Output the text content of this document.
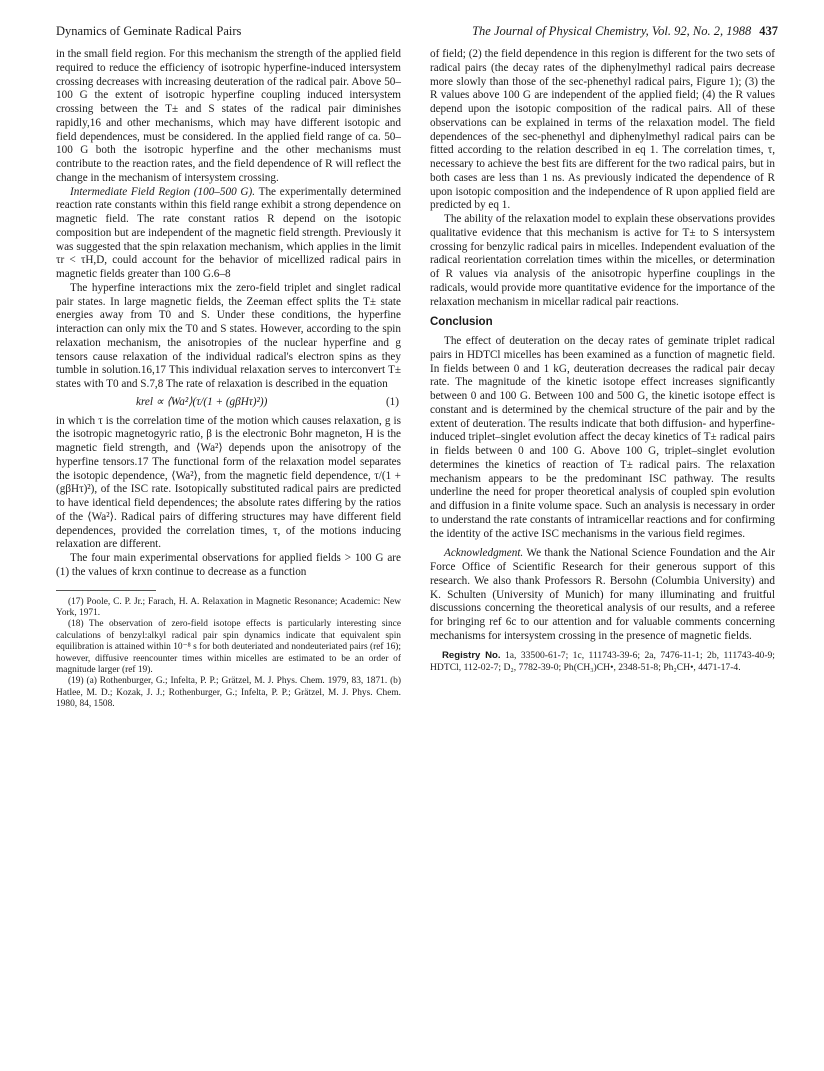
Dynamics of Geminate Radical Pairs	The Journal of Physical Chemistry, Vol. 92, No. 2, 1988 437

in the small field region. For this mechanism the strength of the applied field required to reduce the efficiency of isotropic hyperfine-induced intersystem crossing decreases with increasing deuteration of the radical pair. Above 50–100 G the extent of isotropic hyperfine coupling induced intersystem crossing between the T± and S states of the radical pair diminishes rapidly,16 and other mechanisms, which may have different isotopic and field dependences, must be considered. In the applied field range of ca. 50–100 G both the isotropic hyperfine and the other mechanisms must contribute to the reaction rates, and the field dependence of R will reflect the change in the mechanism of intersystem crossing.

Intermediate Field Region (100–500 G). The experimentally determined reaction rate constants within this field range exhibit a strong dependence on magnetic field. The rate constant ratios R depend on the isotopic composition but are independent of the magnetic field strength. Previously it was suggested that the spin relaxation mechanism, which applies in the limit τr < τH,D, could account for the behavior of micellized radical pairs in magnetic fields greater than 100 G.6–8

The hyperfine interactions mix the zero-field triplet and singlet radical pair states. In large magnetic fields, the Zeeman effect splits the T± state energies away from T0 and S. Under these conditions, the hyperfine interaction can only mix the T0 and S states. However, according to the spin relaxation mechanism, the anisotropies of the nuclear hyperfine and g tensors cause relaxation of the individual radical's electron spins as they tumble in solution.16,17 This individual relaxation serves to interconvert T± states with T0 and S.7,8 The rate of relaxation is described in the equation

krel ∝ ⟨Wa²⟩(τ/(1 + (gβHτ)²))	(1)

in which τ is the correlation time of the motion which causes relaxation, g is the isotropic magnetogyric ratio, β is the electronic Bohr magneton, H is the magnetic field strength, and ⟨Wa²⟩ depends upon the anisotropy of the hyperfine tensors.17 The functional form of the relaxation model separates the isotopic dependence, ⟨Wa²⟩, from the magnetic field dependence, τ/(1 + (gβHτ)²), of the ISC rate. Isotopically substituted radical pairs are predicted to have identical field dependences; the absolute rates differing by the ratios of the ⟨Wa²⟩. Radical pairs of differing structures may have different field dependences, provided the correlation times, τ, of the motions inducing relaxation are different.

The four main experimental observations for applied fields > 100 G are (1) the values of krxn continue to decrease as a function

(17) Poole, C. P. Jr.; Farach, H. A. Relaxation in Magnetic Resonance; Academic: New York, 1971.

(18) The observation of zero-field isotope effects is particularly interesting since calculations of benzyl:alkyl radical pair spin dynamics indicate that equivalent spin equilibration is attained within 10⁻⁸ s for both deuteriated and nondeuteriated pairs (ref 16); however, diffusive reencounter times within micelles are estimated to be an order of magnitude larger (ref 19).

(19) (a) Rothenburger, G.; Infelta, P. P.; Grätzel, M. J. Phys. Chem. 1979, 83, 1871. (b) Hatlee, M. D.; Kozak, J. J.; Rothenburger, G.; Infelta, P. P.; Grätzel, M. J. Phys. Chem. 1980, 84, 1508.

of field; (2) the field dependence in this region is different for the two sets of radical pairs (the decay rates of the diphenylmethyl radical pairs decrease more slowly than those of the sec-phenethyl radical pairs, Figure 1); (3) the R values above 100 G are independent of the applied field; (4) the R values depend upon the isotopic composition of the radical pairs. All of these observations can be explained in terms of the relaxation model. The field dependences of the sec-phenethyl and diphenylmethyl radical pairs can be fitted according to the relation described in eq 1. The correlation times, τ, necessary to achieve the best fits are different for the two radical pairs, but in both cases are less than 1 ns. As previously indicated the dependence of R upon isotopic composition and the independence of R upon applied field are predicted by eq 1.

The ability of the relaxation model to explain these observations provides qualitative evidence that this mechanism is active for T± to S intersystem crossing for benzylic radical pairs in micelles. Independent evaluation of the radical reorientation correlation times within the micelles, or determination of R values via analysis of the anisotropic hyperfine couplings in the radicals, would provide more quantitative evidence for the importance of the relaxation mechanism in micellar radical pair reactions.

Conclusion

The effect of deuteration on the decay rates of geminate triplet radical pairs in HDTCl micelles has been examined as a function of magnetic field. In fields between 0 and 1 kG, deuteration decreases the radical pair decay rate. The magnitude of the kinetic isotope effect increases significantly between 0 and 100 G. Between 100 and 500 G, the kinetic isotope effect is constant and is determined by the chemical structure of the pair and by the extent of deuteration. The results indicate that both diffusion- and hyperfine-induced triplet–singlet evolution affect the decay kinetics of T± radical pairs in fields between 0 and 100 G. Above 100 G, triplet–singlet evolution determines the kinetics of reaction of T± radical pairs. The relaxation mechanism appears to be the predominant ISC pathway. The results underline the need for proper theoretical analysis of coupled spin evolution and diffusion in a finite volume space. Such an analysis is necessary in order to understand the rate constants of intramicellar reactions and for confirming the identity of the active ISC mechanisms in the various field regimes.

Acknowledgment. We thank the National Science Foundation and the Air Force Office of Scientific Research for their generous support of this research. We also thank Professors R. Bersohn (Columbia University) and K. Schulten (University of Munich) for many illuminating and fruitful discussions concerning the theoretical analysis of our results, and a referee for bringing ref 6c to our attention and for valuable comments concerning mechanisms for intersystem crossing in the presence of magnetic fields.

Registry No. 1a, 33500-61-7; 1c, 111743-39-6; 2a, 7476-11-1; 2b, 111743-40-9; HDTCl, 112-02-7; D₂, 7782-39-0; Ph(CH₃)CH•, 2348-51-8; Ph₂CH•, 4471-17-4.
